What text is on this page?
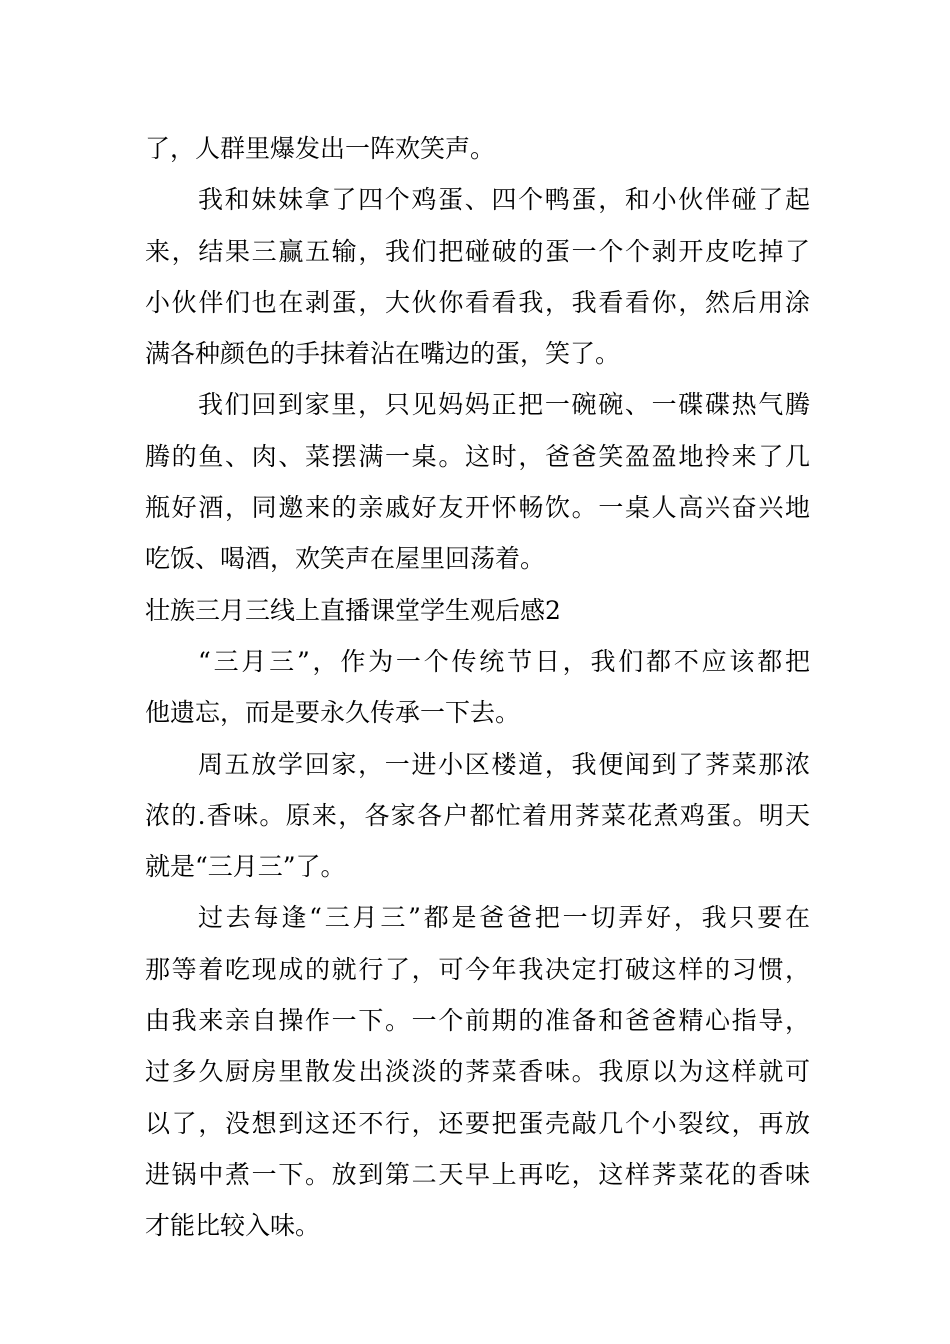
了，人群里爆发出一阵欢笑声。
我和妹妹拿了四个鸡蛋、四个鸭蛋，和小伙伴碰了起
来，结果三赢五输，我们把碰破的蛋一个个剥开皮吃掉了
小伙伴们也在剥蛋，大伙你看看我，我看看你，然后用涂
满各种颜色的手抹着沾在嘴边的蛋，笑了。
我们回到家里，只见妈妈正把一碗碗、一碟碟热气腾
腾的鱼、肉、菜摆满一桌。这时，爸爸笑盈盈地拎来了几
瓶好酒，同邀来的亲戚好友开怀畅饮。一桌人高兴奋兴地
吃饭、喝酒，欢笑声在屋里回荡着。
壮族三月三线上直播课堂学生观后感2
“三月三”，作为一个传统节日，我们都不应该都把
他遗忘，而是要永久传承一下去。
周五放学回家，一进小区楼道，我便闻到了荠菜那浓
浓的.香味。原来，各家各户都忙着用荠菜花煮鸡蛋。明天
就是“三月三”了。
过去每逢“三月三”都是爸爸把一切弄好，我只要在
那等着吃现成的就行了，可今年我决定打破这样的习惯，
由我来亲自操作一下。一个前期的准备和爸爸精心指导，
过多久厨房里散发出淡淡的荠菜香味。我原以为这样就可
以了，没想到这还不行，还要把蛋壳敲几个小裂纹，再放
进锅中煮一下。放到第二天早上再吃，这样荠菜花的香味
才能比较入味。
